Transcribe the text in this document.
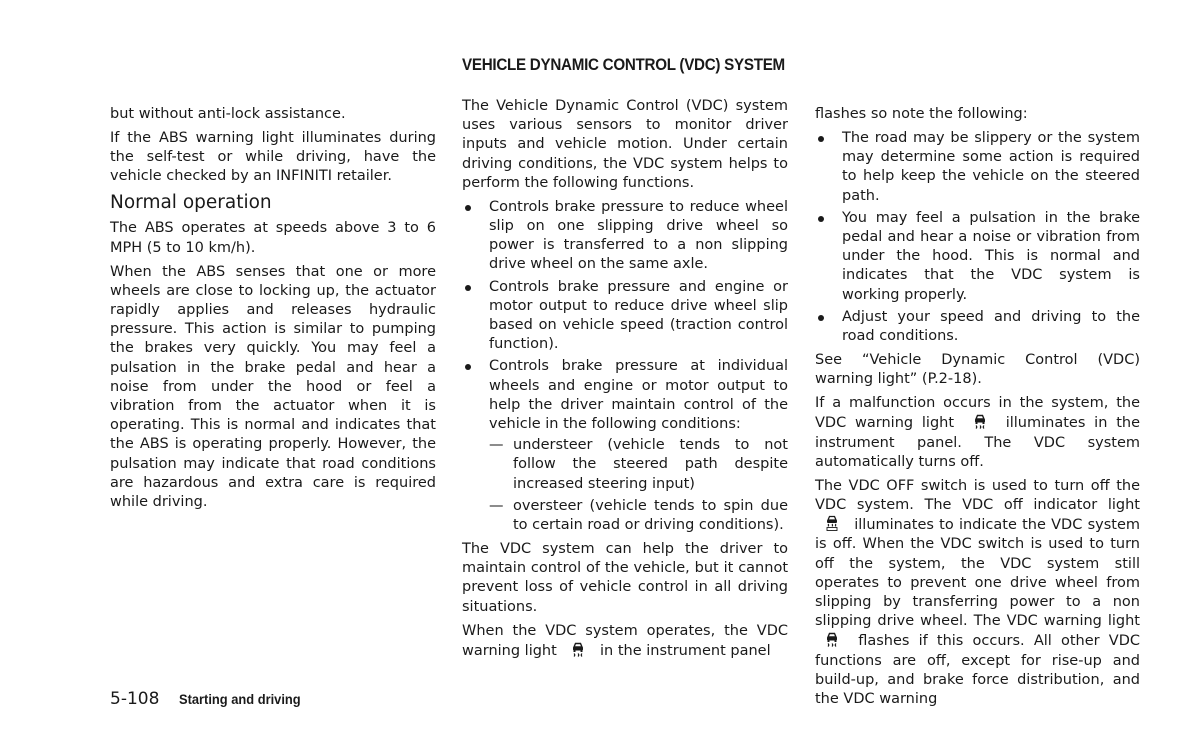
VEHICLE DYNAMIC CONTROL (VDC) SYSTEM

but without anti-lock assistance.

If the ABS warning light illuminates during the self-test or while driving, have the vehicle checked by an INFINITI retailer.

Normal operation

The ABS operates at speeds above 3 to 6 MPH (5 to 10 km/h).

When the ABS senses that one or more wheels are close to locking up, the actuator rapidly applies and releases hydraulic pressure. This action is similar to pumping the brakes very quickly. You may feel a pulsation in the brake pedal and hear a noise from under the hood or feel a vibration from the actuator when it is operating. This is normal and indicates that the ABS is operating properly. However, the pulsation may indicate that road conditions are hazardous and extra care is required while driving.

The Vehicle Dynamic Control (VDC) system uses various sensors to monitor driver inputs and vehicle motion. Under certain driving conditions, the VDC system helps to perform the following functions.

Controls brake pressure to reduce wheel slip on one slipping drive wheel so power is transferred to a non slipping drive wheel on the same axle.
Controls brake pressure and engine or motor output to reduce drive wheel slip based on vehicle speed (traction control function).
Controls brake pressure at individual wheels and engine or motor output to help the driver maintain control of the vehicle in the following conditions:
— understeer (vehicle tends to not follow the steered path despite increased steering input)
— oversteer (vehicle tends to spin due to certain road or driving conditions).

The VDC system can help the driver to maintain control of the vehicle, but it cannot prevent loss of vehicle control in all driving situations.

When the VDC system operates, the VDC warning light	in the instrument panel

flashes so note the following:

The road may be slippery or the system may determine some action is required to help keep the vehicle on the steered path.
You may feel a pulsation in the brake pedal and hear a noise or vibration from under the hood. This is normal and indicates that the VDC system is working properly.
Adjust your speed and driving to the road conditions.

See “Vehicle Dynamic Control (VDC) warning light” (P.2-18).

If a malfunction occurs in the system, the VDC warning light	illuminates in the instrument panel. The VDC system automatically turns off.

The VDC OFF switch is used to turn off the VDC system. The VDC off indicator light
illuminates to indicate the VDC system is off. When the VDC switch is used to turn off the system, the VDC system still operates to prevent one drive wheel from slipping by transferring power to a non slipping drive wheel. The VDC warning light
flashes if this occurs. All other VDC functions are off, except for rise-up and build-up, and brake force distribution, and the VDC warning

5-108 Starting and driving
